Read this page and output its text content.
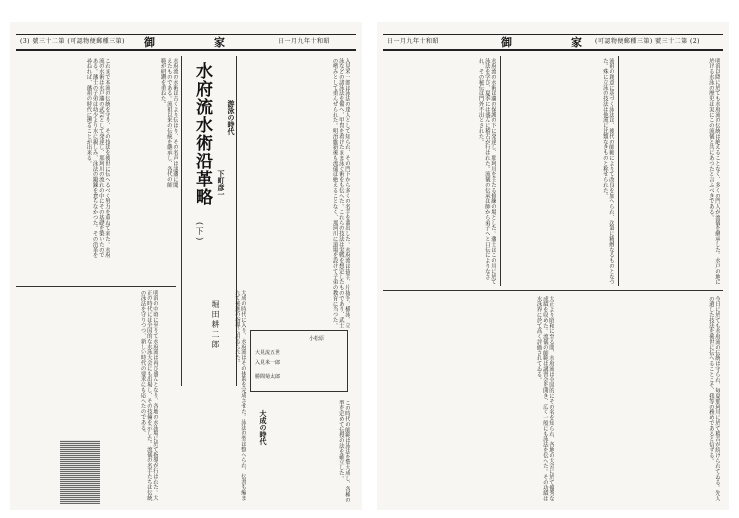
(3) 號三十二第 (可認物便郵種三第) 御	家	日一月九年十和昭
これまで本流の伝統を守り、その技法を後世に伝へるべく努力を重ねて来た。水府流の水術は水戸藩の武芸として発達し、那珂川の流れの中にその基礎を築いたのである。藩士の子弟は幼少より水に親しみ、泳法の鍛錬を怠らなかつた。その沿革を尋ねれば、藩祖の時代に遡ることが出来る。	水府流の水術は古くより伝はり、その名声は諸藩に聞えたものである。流祖以来の伝統を継承し、各代の師範が研鑽を重ねた。	水府流水術沿革略
(下)
堀田耕二郎
游泳の時代
下町彦一	入見米一郎は泳法の達人として知られ、その門下から多くの名手を輩出した。水府流は抜手、片抜手、横泳、立泳などの諸泳法を備へ、甲冑を着けたまま泳ぐ術をも伝へた。これらの技法は実戦を想定したものであり、武士の嗜みとして重んぜられた。明治維新後も流儀は絶えることなく、那珂川に道場を設けて子弟の教育に当つた。
明治の中頃に至りて水府流は再び盛んとなり、各地の水泳場に於て指導が行はれた。大正の時代には全国的な水泳大会にも出場し、その技倆を示した。流儀の名手たちは伝統の泳法を守りつつ、新しい時代の要求にも応へたのである。	小松原
大見流五世
入見米一郎
勝間菊太郎
大成の時代に入り、水府流はその体系を完成させた。泳法の型は整へられ、伝書も編まれて後進の指導に用ゐられた。
大成の時代	この時代の師範は泳法を集大成し、各種の型を定めて伝授の法を確立した。
日一月九年十和昭	御	家 (可認物便郵種三第) 號三十二第 (2)
水府流の水術は藩の保護の下に発達し、那珂川を主たる修練の場とした。藩士はこの川に於て泳法を学び、夏季には盛んに稽古が行はれた。流儀の伝承は師から弟子へと口伝によりなされ、その秘伝は門外不出とされた。	流祖の創意に基づく泳法は、後代の師範によりて改良を加へられ、次第に精緻なるものとなつた。殊に立泳の技法は他流に比類なきものと称せられた。	明治以降に於ても水府流の伝統は絶えることなく、多くの門人が流儀を継承した。水戸の地に於ける水泳の歴史は実にこの流儀と共にあつたと言ふべきである。
大正より昭和に至る間、水府流は全国的にその名を知られ、各地の大会に於て優秀な成績を収めた。流儀の師範は講習会を開き、広く一般にも泳法を伝へた。その功績は水泳界に於て高く評価されてゐる。	今日に於ても水府流の伝統は守られ、毎夏那珂川に於て稽古が続けられてゐる。先人の遺した技法を後世に伝へることこそ、我等の務めであると信ずる。
